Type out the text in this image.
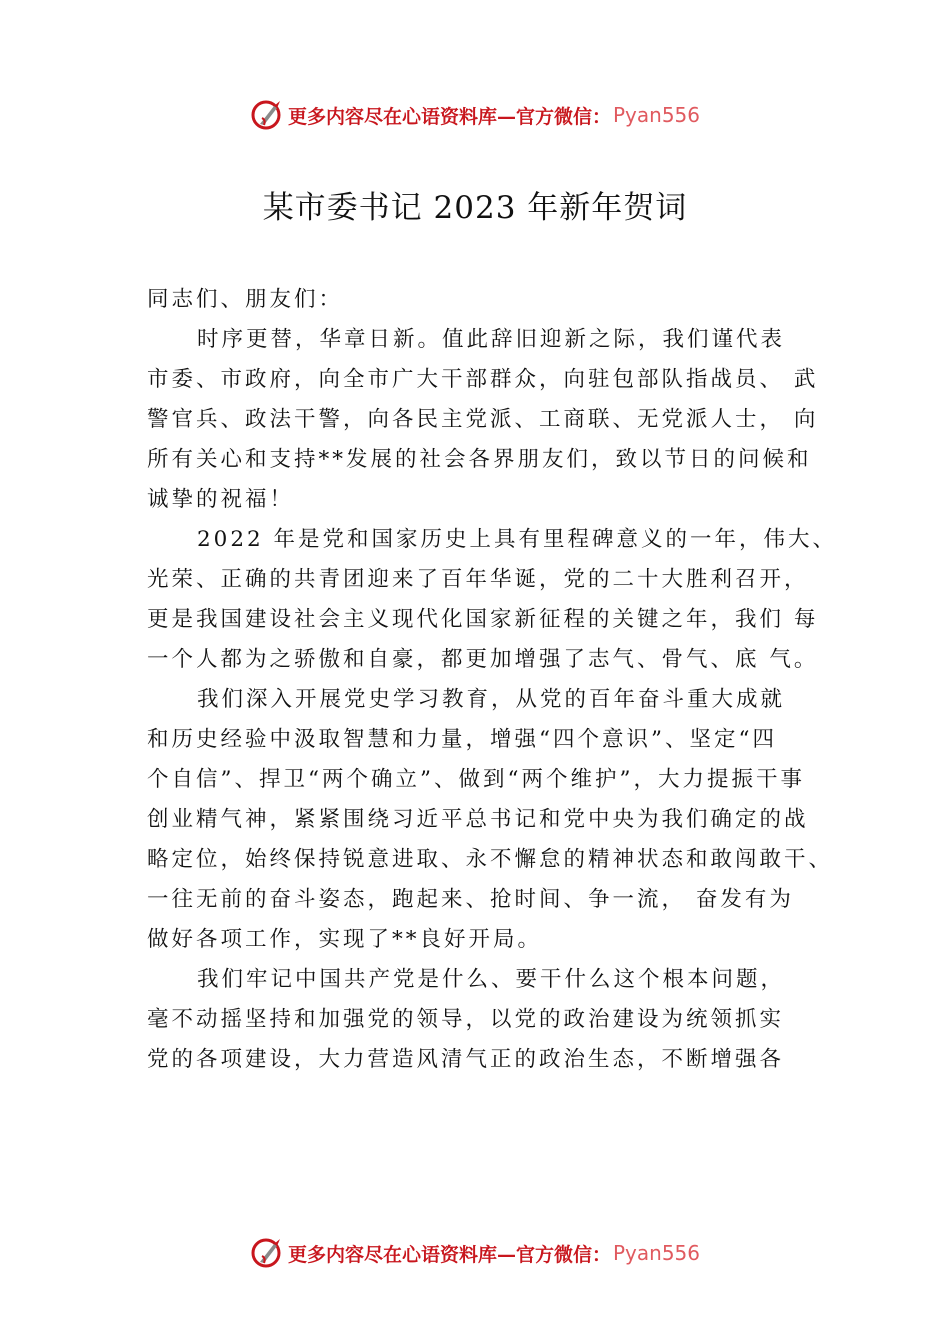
更多内容尽在心语资料库—官方微信： Pyan556
某市委书记 2023 年新年贺词
同志们、朋友们：
时序更替，华章日新。值此辞旧迎新之际，我们谨代表
市委、市政府，向全市广大干部群众，向驻包部队指战员、 武
警官兵、政法干警，向各民主党派、工商联、无党派人士， 向
所有关心和支持**发展的社会各界朋友们，致以节日的问候和
诚挚的祝福！
2022 年是党和国家历史上具有里程碑意义的一年，伟大、
光荣、正确的共青团迎来了百年华诞，党的二十大胜利召开，
更是我国建设社会主义现代化国家新征程的关键之年，我们 每
一个人都为之骄傲和自豪，都更加增强了志气、骨气、底 气。
我们深入开展党史学习教育，从党的百年奋斗重大成就
和历史经验中汲取智慧和力量，增强“四个意识”、坚定“四
个自信”、捍卫“两个确立”、做到“两个维护”，大力提振干事
创业精气神，紧紧围绕习近平总书记和党中央为我们确定的战
略定位，始终保持锐意进取、永不懈怠的精神状态和敢闯敢干、
一往无前的奋斗姿态，跑起来、抢时间、争一流， 奋发有为
做好各项工作，实现了**良好开局。
我们牢记中国共产党是什么、要干什么这个根本问题，
毫不动摇坚持和加强党的领导，以党的政治建设为统领抓实
党的各项建设，大力营造风清气正的政治生态，不断增强各
更多内容尽在心语资料库—官方微信： Pyan556
